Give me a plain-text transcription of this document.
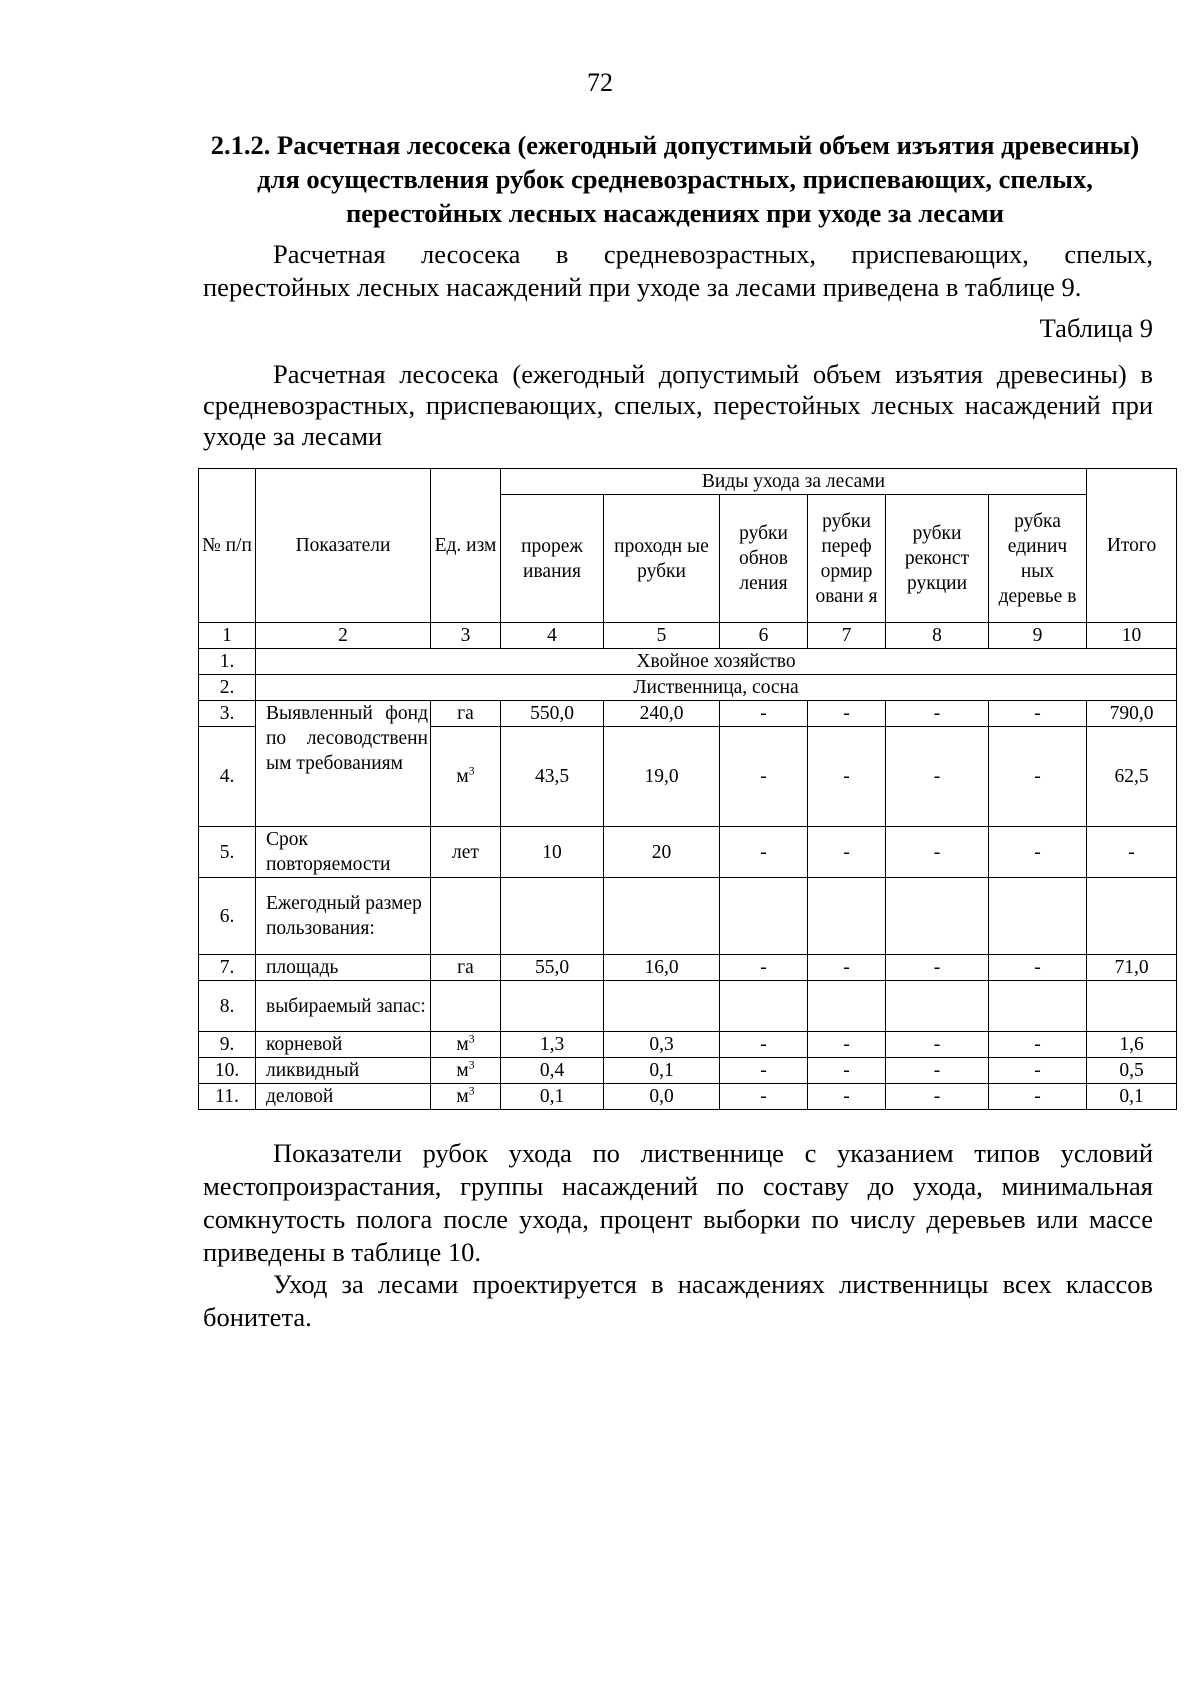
72
2.1.2. Расчетная лесосека (ежегодный допустимый объем изъятия древесины) для осуществления рубок средневозрастных, приспевающих, спелых, перестойных лесных насаждениях при уходе за лесами
Расчетная лесосека в средневозрастных, приспевающих, спелых, перестойных лесных насаждений при уходе за лесами приведена в таблице 9.
Таблица 9
Расчетная лесосека (ежегодный допустимый объем изъятия древесины) в средневозрастных, приспевающих, спелых, перестойных лесных насаждений при уходе за лесами
№ п/п	Показатели	Ед. изм	Виды ухода за лесами						Итого
			прореж ивания	проходн ые рубки	рубки обнов ления	рубки переф ормир овани я	рубки реконст рукции	рубка единич ных деревье в	
1	2	3	4	5	6	7	8	9	10
1.	Хвойное хозяйство								
2.	Лиственница, сосна								
3.	Выявленный фонд по лесоводственн ым требованиям	га	550,0	240,0	-	-	-	-	790,0
4.		$м^3$	43,5	19,0	-	-	-	-	62,5
5.	Срок повторяемости	лет	10	20	-	-	-	-	-
6.	Ежегодный размер пользования:								
7.	площадь	га	55,0	16,0	-	-	-	-	71,0
8.	выбираемый запас:								
9.	корневой	$м^3$	1,3	0,3	-	-	-	-	1,6
10.	ликвидный	$м^3$	0,4	0,1	-	-	-	-	0,5
11.	деловой	$м^3$	0,1	0,0	-	-	-	-	0,1
Показатели рубок ухода по лиственнице с указанием типов условий местопроизрастания, группы насаждений по составу до ухода, минимальная сомкнутость полога после ухода, процент выборки по числу деревьев или массе приведены в таблице 10.
Уход за лесами проектируется в насаждениях лиственницы всех классов бонитета.
